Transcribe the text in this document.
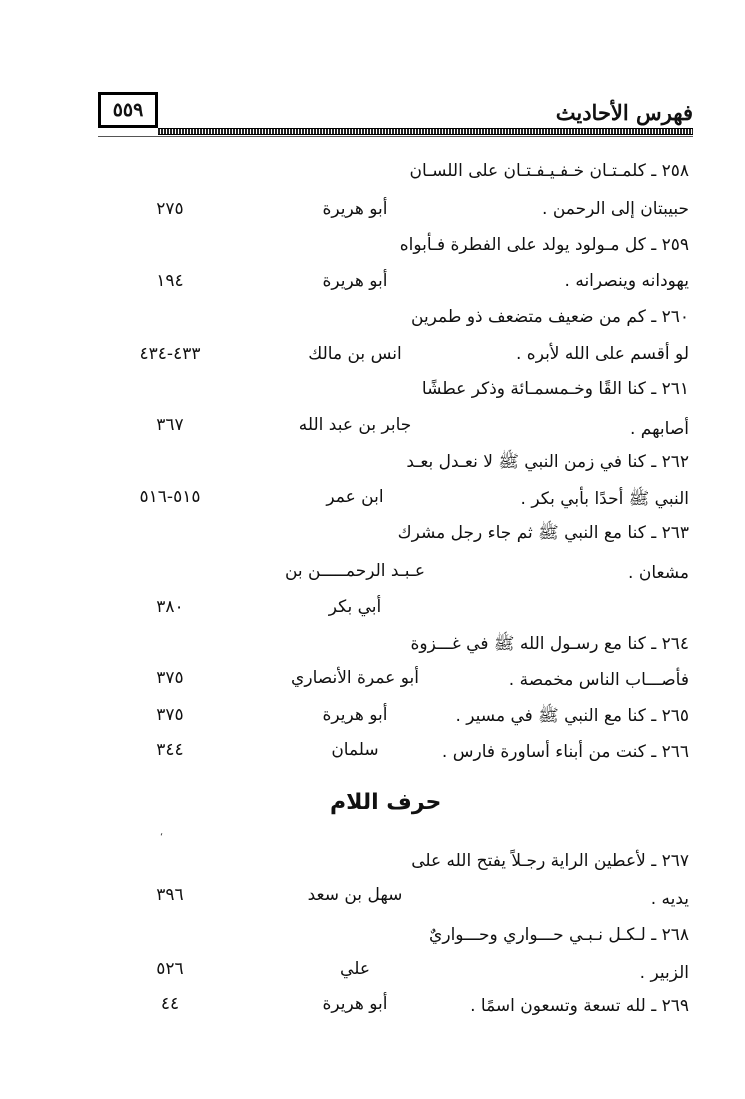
فهرس الأحاديث
٥٥٩
٢٥٨ ـ كلمـتـان خـفـيـفـتـان على اللسـان
حبيبتان إلى الرحمن .
أبو هريرة
٢٧٥
٢٥٩ ـ كل مـولود يولد على الفطرة فـأبواه
يهودانه وينصرانه .
أبو هريرة
١٩٤
٢٦٠ ـ كم من ضعيف متضعف ذو طمرين
لو أقسم على الله لأبره .
انس بن مالك
٤٣٣-٤٣٤
٢٦١ ـ كنا القًا وخـمسمـائة وذكر عطشًا
أصابهم .
جابر بن عبد الله
٣٦٧
٢٦٢ ـ كنا في زمن النبي ﷺ لا نعـدل بعـد
النبي ﷺ أحدًا بأبي بكر .
ابن عمر
٥١٥-٥١٦
٢٦٣ ـ كنا مع النبي ﷺ ثم جاء رجل مشرك
مشعان .
عـبـد الرحمـــــن بن
أبي بكر
٣٨٠
٢٦٤ ـ كنا مع رسـول الله ﷺ في غـــزوة
فأصـــاب الناس مخمصة .
أبو عمرة الأنصاري
٣٧٥
٢٦٥ ـ كنا مع النبي ﷺ في مسير .
أبو هريرة
٣٧٥
٢٦٦ ـ كنت من أبناء أساورة فارس .
سلمان
٣٤٤
حرف اللام
‘
٢٦٧ ـ لأعطين الراية رجـلاً يفتح الله على
يديه .
سهل بن سعد
٣٩٦
٢٦٨ ـ لـكـل نـبـي حـــواري وحـــواريٌ
الزبير .
علي
٥٢٦
٢٦٩ ـ لله تسعة وتسعون اسمًا .
أبو هريرة
٤٤
